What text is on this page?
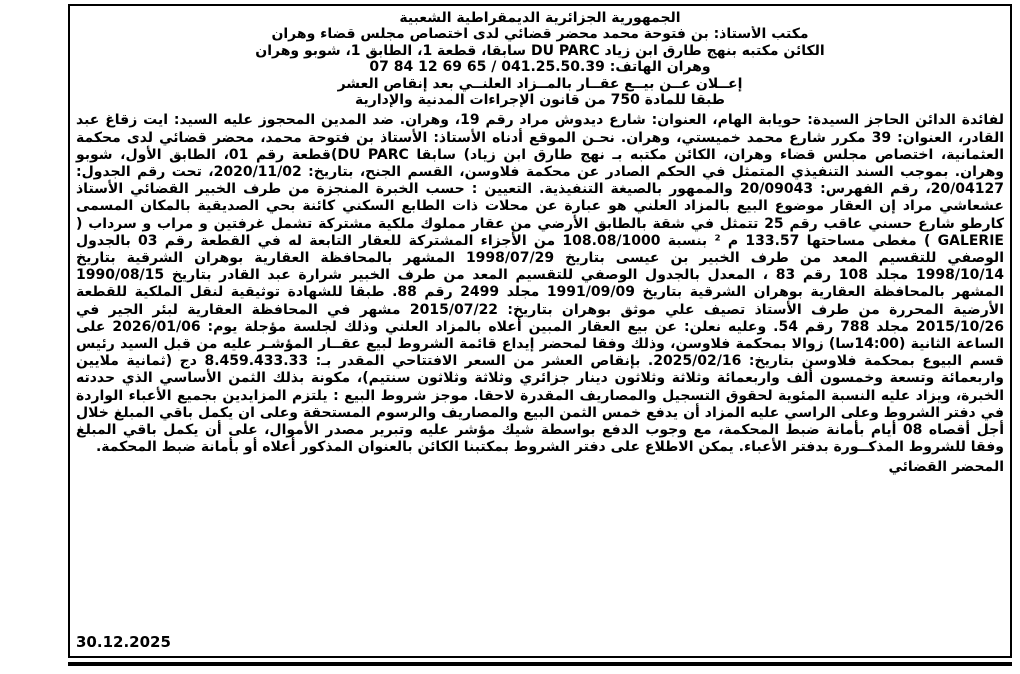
الجمهورية الجزائرية الديمقراطية الشعبية
مكتب الأستاذ: بن فتوحة محمد محضر قضائي لدى اختصاص مجلس قضاء وهران
الكائن مكتبه بنهج طارق ابن زياد DU PARC سابقا، قطعة 1، الطابق 1، شوبو وهران
وهران الهاتف: 041.25.50.39 / 65 69 12 84 07
إعــلان عــن بيــع عقــار بالمــزاد العلنــي بعد إنقاص العشر
طبقا للمادة 750 من قانون الإجراءات المدنية والإدارية
لفائدة الدائن الحاجز السيدة: حويابة الهام، العنوان: شارع ديدوش مراد رقم 19، وهران. ضد المدين المحجوز عليه السيد: ايت زقاغ عبد القادر، العنوان: 39 مكرر شارع محمد خميستي، وهران. نحـن الموقع أدناه الأستاذ: الأستاذ بن فتوحة محمد، محضر قضائي لدى محكمة العثمانية، اختصاص مجلس قضاء وهران، الكائن مكتبه بـ نهج طارق ابن زياد) سابقا DU PARC)قطعة رقم 01، الطابق الأول، شوبو وهران. بموجب السند التنفيذي المتمثل في الحكم الصادر عن محكمة فلاوسن، القسم الجنح، بتاريخ: 2020/11/02، تحت رقم الجدول: 20/04127، رقم الفهرس: 20/09043 والممهور بالصيغة التنفيذية. التعيين : حسب الخبرة المنجزة من طرف الخبير القضائي الأستاذ عشعاشي مراد إن العقار موضوع البيع بالمزاد العلني هو عبارة عن محلات ذات الطابع السكني كائنة بحي الصديقية بالمكان المسمى كارطو شارع حسني عاقب رقم 25 تتمثل في شقة بالطابق الأرضي من عقار مملوك ملكية مشتركة تشمل غرفتين و مراب و سرداب ( GALERIE ) مغطى مساحتها 133.57 م ² بنسبة 108.08/1000 من الأجزاء المشتركة للعقار التابعة له في القطعة رقم 03 بالجدول الوصفي للتقسيم المعد من طرف الخبير بن عيسى بتاريخ 1998/07/29 المشهر بالمحافظة العقارية بوهران الشرقية بتاريخ 1998/10/14 مجلد 108 رقم 83 ، المعدل بالجدول الوصفي للتقسيم المعد من طرف الخبير شرارة عبد القادر بتاريخ 1990/08/15 المشهر بالمحافظة العقارية بوهران الشرقية بتاريخ 1991/09/09 مجلد 2499 رقم 88. طبقا للشهادة توثيقية لنقل الملكية للقطعة الأرضية المحررة من طرف الأستاذ تصيف علي موثق بوهران بتاريخ: 2015/07/22 مشهر في المحافظة العقارية لبئر الجير في 2015/10/26 مجلد 788 رقم 54. وعليه نعلن: عن بيع العقار المبين أعلاه بالمزاد العلني وذلك لجلسة مؤجلة يوم: 2026/01/06 على الساعة الثانية (14:00سا) زوالا بمحكمة فلاوسن، وذلك وفقا لمحضر إيداع قائمة الشروط لبيع عقــار المؤشـر عليه من قبل السيد رئيس قسم البيوع بمحكمة فلاوسن بتاريخ: 2025/02/16. بإنقاص العشر من السعر الافتتاحي المقدر بـ: 8.459.433.33 دج (ثمانية ملايين واربعمائة وتسعة وخمسون ألف واربعمائة وثلاثة وثلاثون دينار جزائري وثلاثة وثلاثون سنتيم)، مكونة بذلك الثمن الأساسي الذي حددته الخبرة، ويزاد عليه النسبة المئوية لحقوق التسجيل والمصاريف المقدرة لاحقا. موجز شروط البيع : يلتزم المزايدين بجميع الأعباء الواردة في دفتر الشروط وعلى الراسي عليه المزاد أن يدفع خمس الثمن البيع والمصاريف والرسوم المستحقة وعلى ان يكمل باقي المبلغ خلال أجل أقصاه 08 أيام بأمانة ضبط المحكمة، مع وجوب الدفع بواسطة شيك مؤشر عليه وتبرير مصدر الأموال، على أن يكمل باقي المبلغ وفقا للشروط المذكــورة بدفتر الأعباء. يمكن الاطلاع على دفتر الشروط بمكتبنا الكائن بالعنوان المذكور أعلاه أو بأمانة ضبط المحكمة.
المحضر القضائي
30.12.2025
